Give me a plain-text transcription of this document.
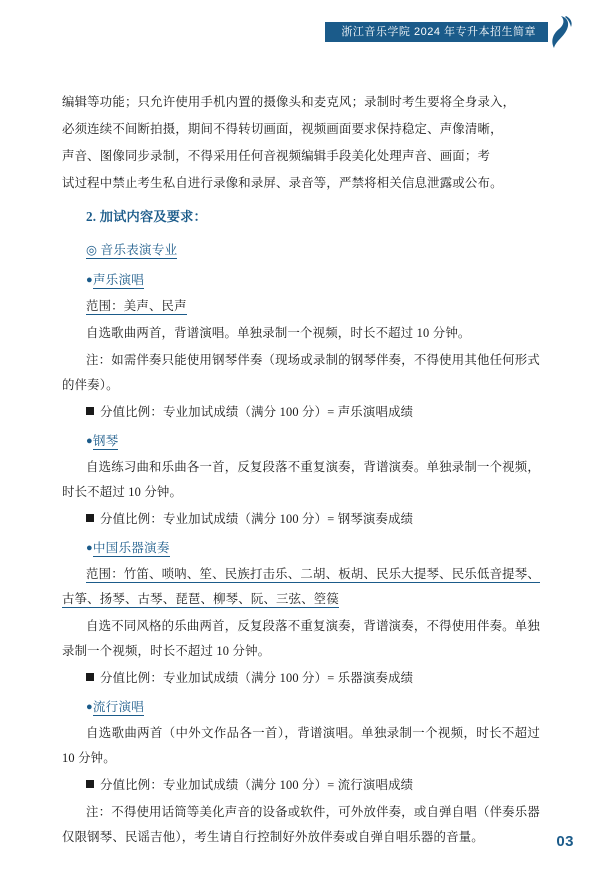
浙江音乐学院 2024 年专升本招生简章

编辑等功能；只允许使用手机内置的摄像头和麦克风；录制时考生要将全身录入，

必须连续不间断拍摄，期间不得转切画面，视频画面要求保持稳定、声像清晰，

声音、图像同步录制，不得采用任何音视频编辑手段美化处理声音、画面；考

试过程中禁止考生私自进行录像和录屏、录音等，严禁将相关信息泄露或公布。

2. 加试内容及要求：

◎ 音乐表演专业

●声乐演唱

范围：美声、民声

自选歌曲两首，背谱演唱。单独录制一个视频，时长不超过 10 分钟。

注：如需伴奏只能使用钢琴伴奏（现场或录制的钢琴伴奏，不得使用其他任何形式的伴奏）。

分值比例：专业加试成绩（满分 100 分）= 声乐演唱成绩

●钢琴

自选练习曲和乐曲各一首，反复段落不重复演奏，背谱演奏。单独录制一个视频，时长不超过 10 分钟。

分值比例：专业加试成绩（满分 100 分）= 钢琴演奏成绩

●中国乐器演奏

范围：竹笛、唢呐、笙、民族打击乐、二胡、板胡、民乐大提琴、民乐低音提琴、古筝、扬琴、古琴、琵琶、柳琴、阮、三弦、箜篌

自选不同风格的乐曲两首，反复段落不重复演奏，背谱演奏，不得使用伴奏。单独录制一个视频，时长不超过 10 分钟。

分值比例：专业加试成绩（满分 100 分）= 乐器演奏成绩

●流行演唱

自选歌曲两首（中外文作品各一首），背谱演唱。单独录制一个视频，时长不超过 10 分钟。

分值比例：专业加试成绩（满分 100 分）= 流行演唱成绩

注：不得使用话筒等美化声音的设备或软件，可外放伴奏，或自弹自唱（伴奏乐器仅限钢琴、民谣吉他），考生请自行控制好外放伴奏或自弹自唱乐器的音量。	03
